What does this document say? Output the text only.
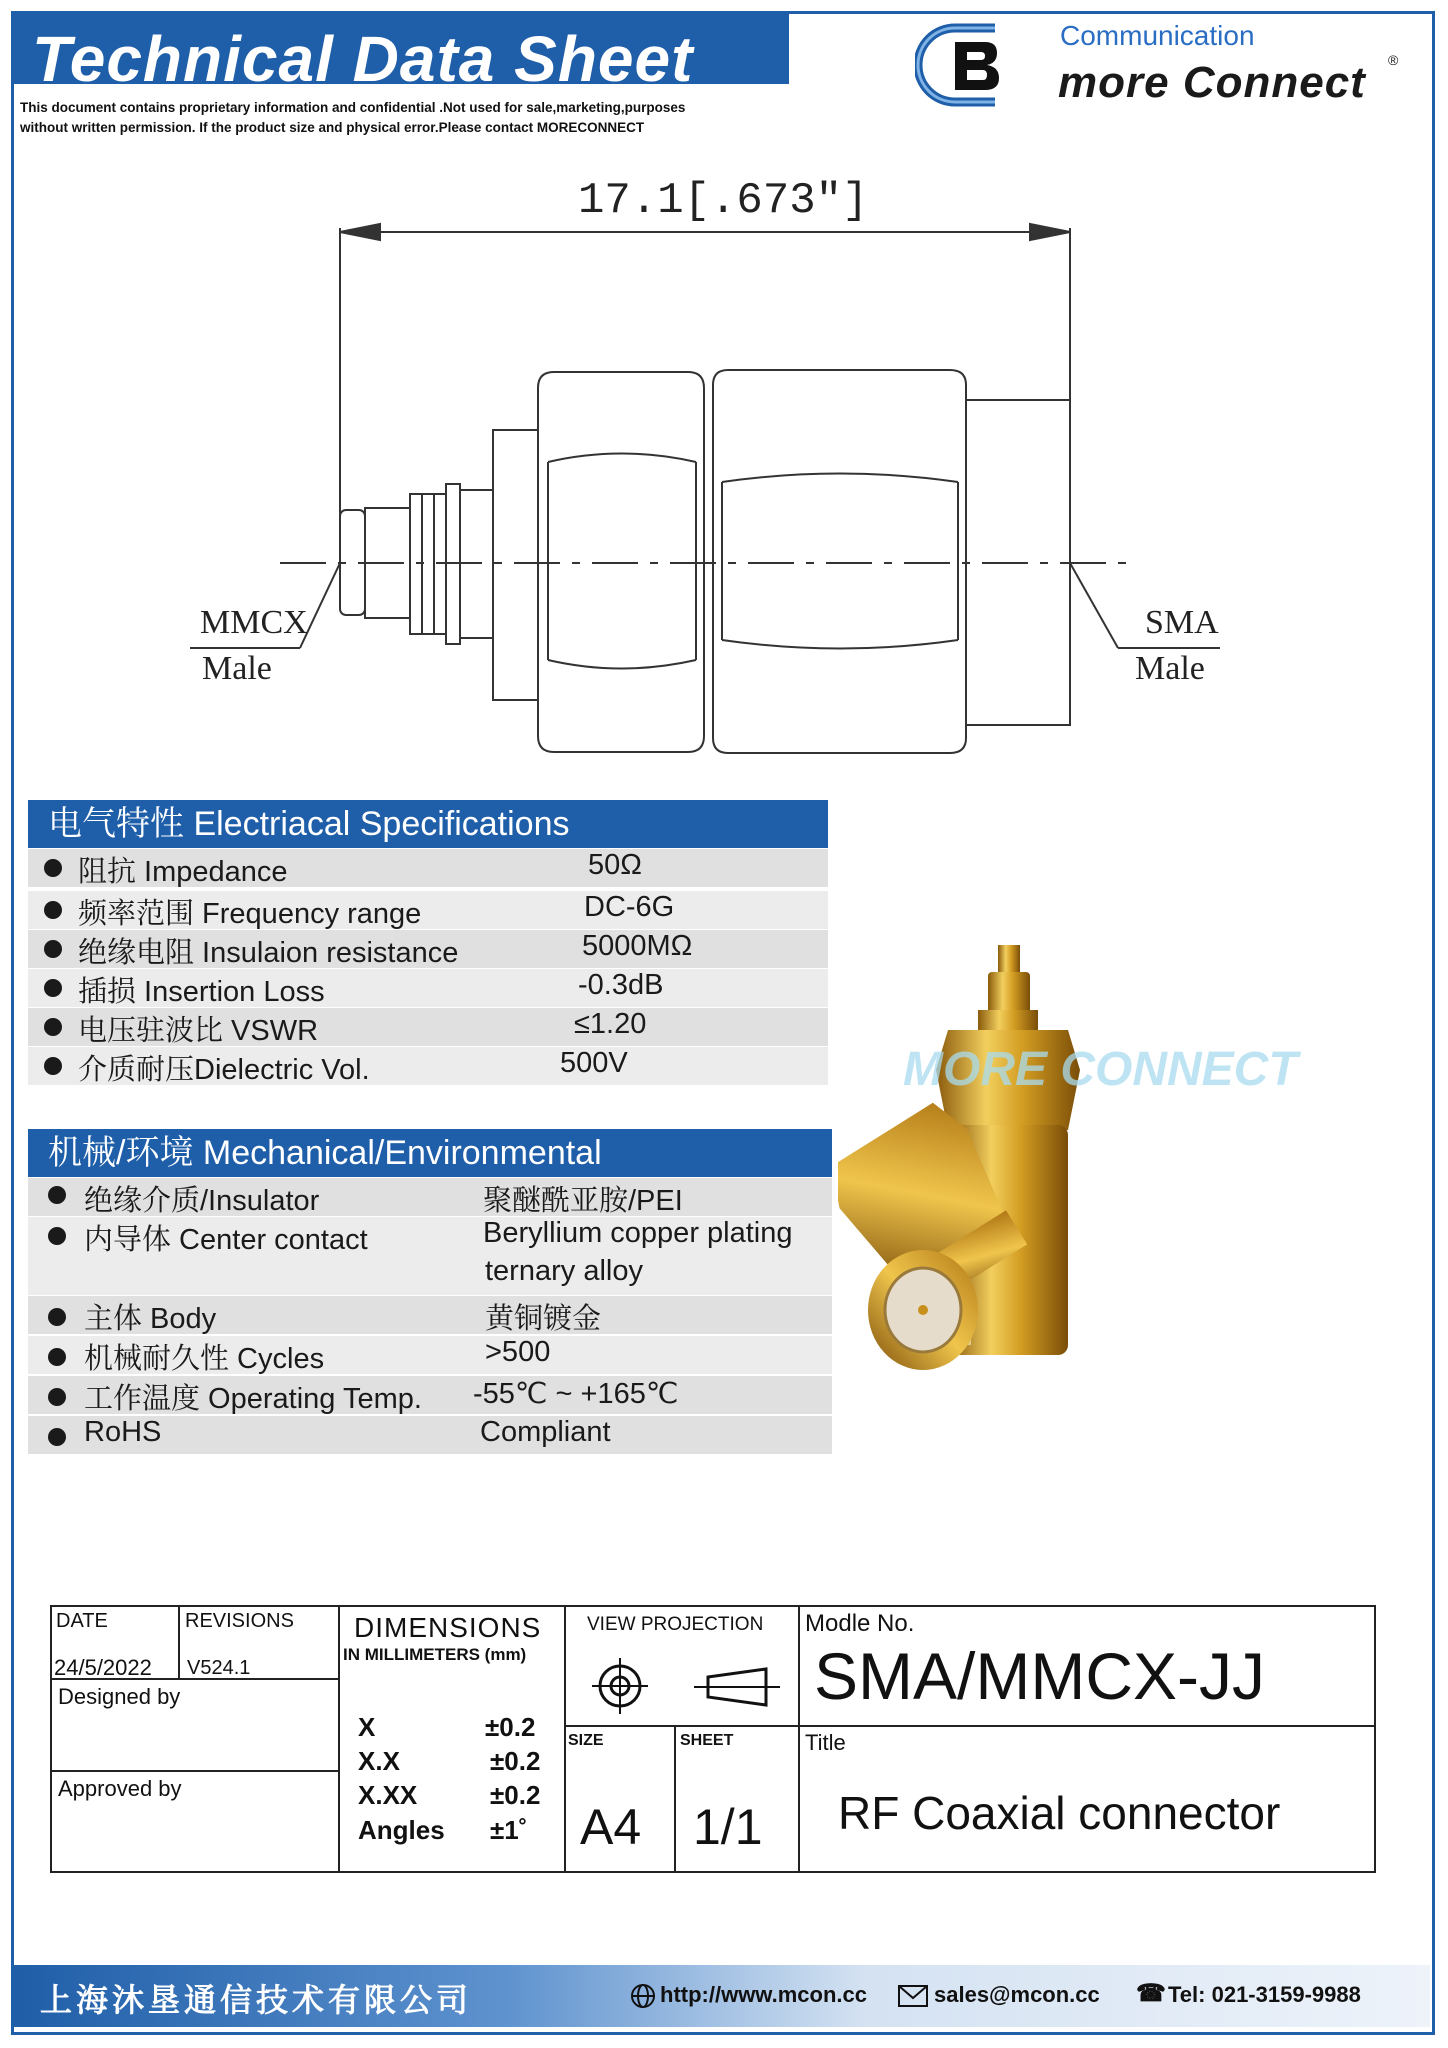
Technical Data Sheet
This document contains proprietary information and confidential .Not used for sale,marketing,purposes
without written permission. If the product size and physical error.Please contact MORECONNECT
Communication
more Connect ®
17.1[.673″]
MMCX
Male
SMA
Male
电气特性 Electriacal Specifications
阻抗 Impedance	50Ω
频率范围 Frequency range	DC-6G
绝缘电阻 Insulaion resistance	5000MΩ
插损 Insertion Loss	-0.3dB
电压驻波比 VSWR	≤1.20
介质耐压Dielectric Vol.	500V
机械/环境 Mechanical/Environmental
绝缘介质/Insulator	聚醚酰亚胺/PEI
内导体 Center contact	Beryllium copper plating
ternary alloy
主体 Body	黄铜镀金
机械耐久性 Cycles	>500
工作温度 Operating Temp. -55℃ ~ +165℃
RoHS	Compliant
MORE CONNECT
DATE
24/5/2022
REVISIONS
V524.1
Designed by
Approved by
DIMENSIONS
IN MILLIMETERS (mm)
X	±0.2
X.X	±0.2
X.XX	±0.2
Angles ±1˚
VIEW PROJECTION
SIZE
A4
SHEET
1/1
Modle No.
SMA/MMCX-JJ
Title
RF Coaxial connector
上海沐垦通信技术有限公司	http://www.mcon.cc	sales@mcon.cc ☎ Tel: 021-3159-9988
